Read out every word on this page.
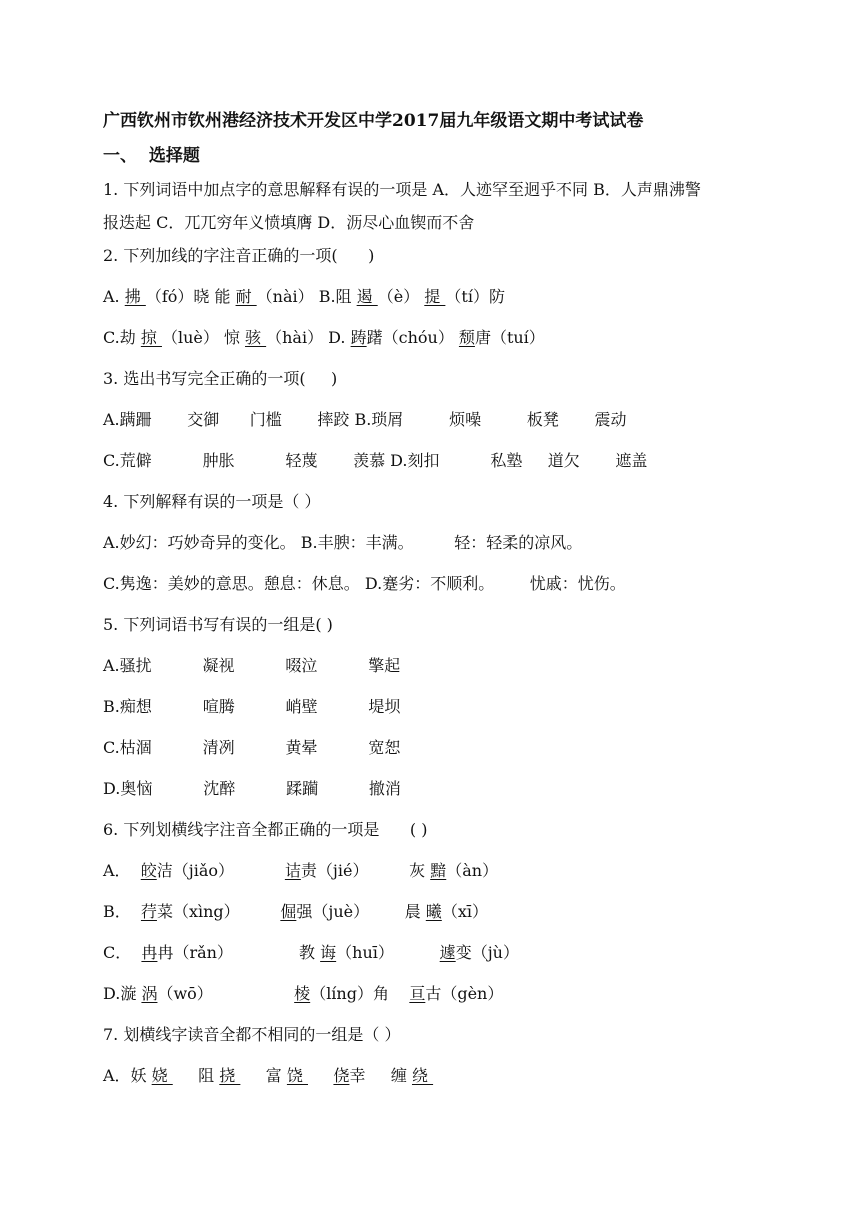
广西钦州市钦州港经济技术开发区中学2017届九年级语文期中考试试卷
一、  选择题
1. 下列词语中加点字的意思解释有误的一项是 A．人迹罕至迥乎不同 B．人声鼎沸警
报迭起 C．兀兀穷年义愤填膺 D．沥尽心血锲而不舍
2. 下列加线的字注音正确的一项(      )
A. 拂 （fó）晓 能 耐 （nài） B.阻 遏 （è） 提 （tí）防
C.劫 掠 （luè） 惊 骇 （hài） D. 踌躇（chóu） 颓唐（tuí）
3. 选出书写完全正确的一项(     )
A.蹒跚       交御      门槛       摔跤 B.琐屑         烦噪         板凳       震动
C.荒僻          肿胀          轻蔑       羡慕 D.刻扣          私塾     道欠       遮盖
4. 下列解释有误的一项是（ ）
A.妙幻：巧妙奇异的变化。 B.丰腴：丰满。        轻：轻柔的凉风。
C.隽逸：美妙的意思。憩息：休息。 D.蹇劣：不顺利。       忧戚：忧伤。
5. 下列词语书写有误的一组是( )
A.骚扰          凝视          啜泣          擎起
B.痴想          喧腾          峭壁          堤坝
C.枯涸          清冽          黄晕          宽恕
D.奥恼          沈醉          蹂躏          撤消
6. 下列划横线字注音全都正确的一项是      ( )
A．  皎洁（jiǎo）          诘责（jié）        灰 黯（àn）
B．  荇菜（xìng）        倔强（juè）       晨 曦（xī）
C．  冉冉（rǎn）             教 诲（huī）         遽变（jù）
D.漩 涡（wō）                棱（líng）角    亘古（gèn）
7. 划横线字读音全都不相同的一组是（ ）
A．妖 娆      阻 挠      富 饶      侥幸     缠 绕
